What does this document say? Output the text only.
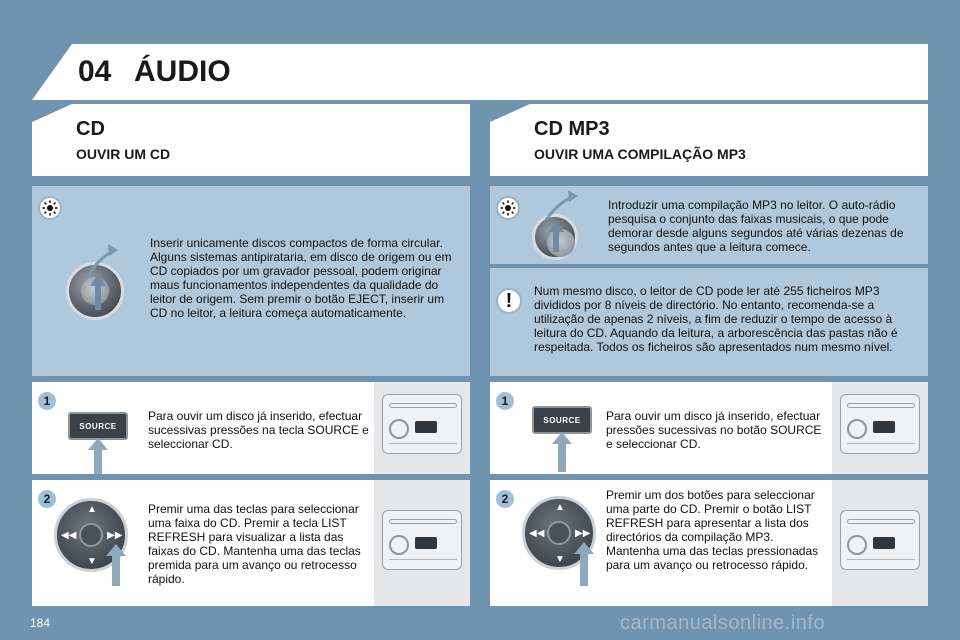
04 ÁUDIO
CD
OUVIR UM CD
Inserir unicamente discos compactos de forma circular. Alguns sistemas antipirataria, em disco de origem ou em CD copiados por um gravador pessoal, podem originar maus funcionamentos independentes da qualidade do leitor de origem. Sem premir o botão EJECT, inserir um CD no leitor, a leitura começa automaticamente.
1
SOURCE
Para ouvir um disco já inserido, efectuar sucessivas pressões na tecla SOURCE e seleccionar CD.
2
▲
▼
◀◀	▶▶
Premir uma das teclas para seleccionar uma faixa do CD. Premir a tecla LIST REFRESH para visualizar a lista das faixas do CD. Mantenha uma das teclas premida para um avanço ou retrocesso rápido.
CD MP3
OUVIR UMA COMPILAÇÃO MP3
Introduzir uma compilação MP3 no leitor. O auto-rádio pesquisa o conjunto das faixas musicais, o que pode demorar desde alguns segundos até várias dezenas de segundos antes que a leitura comece.
!	Num mesmo disco, o leitor de CD pode ler até 255 ficheiros MP3 divididos por 8 níveis de directório. No entanto, recomenda-se a utilização de apenas 2 níveis, a fim de reduzir o tempo de acesso à leitura do CD. Aquando da leitura, a arborescência das pastas não é respeitada. Todos os ficheiros são apresentados num mesmo nível.
1
SOURCE	Para ouvir um disco já inserido, efectuar pressões sucessivas no botão SOURCE e seleccionar CD.
2
▲
▼
◀◀	▶▶
Premir um dos botões para seleccionar uma parte do CD. Premir o botão LIST REFRESH para apresentar a lista dos directórios da compilação MP3. Mantenha uma das teclas pressionadas para um avanço ou retrocesso rápido.
184	carmanualsonline.info
